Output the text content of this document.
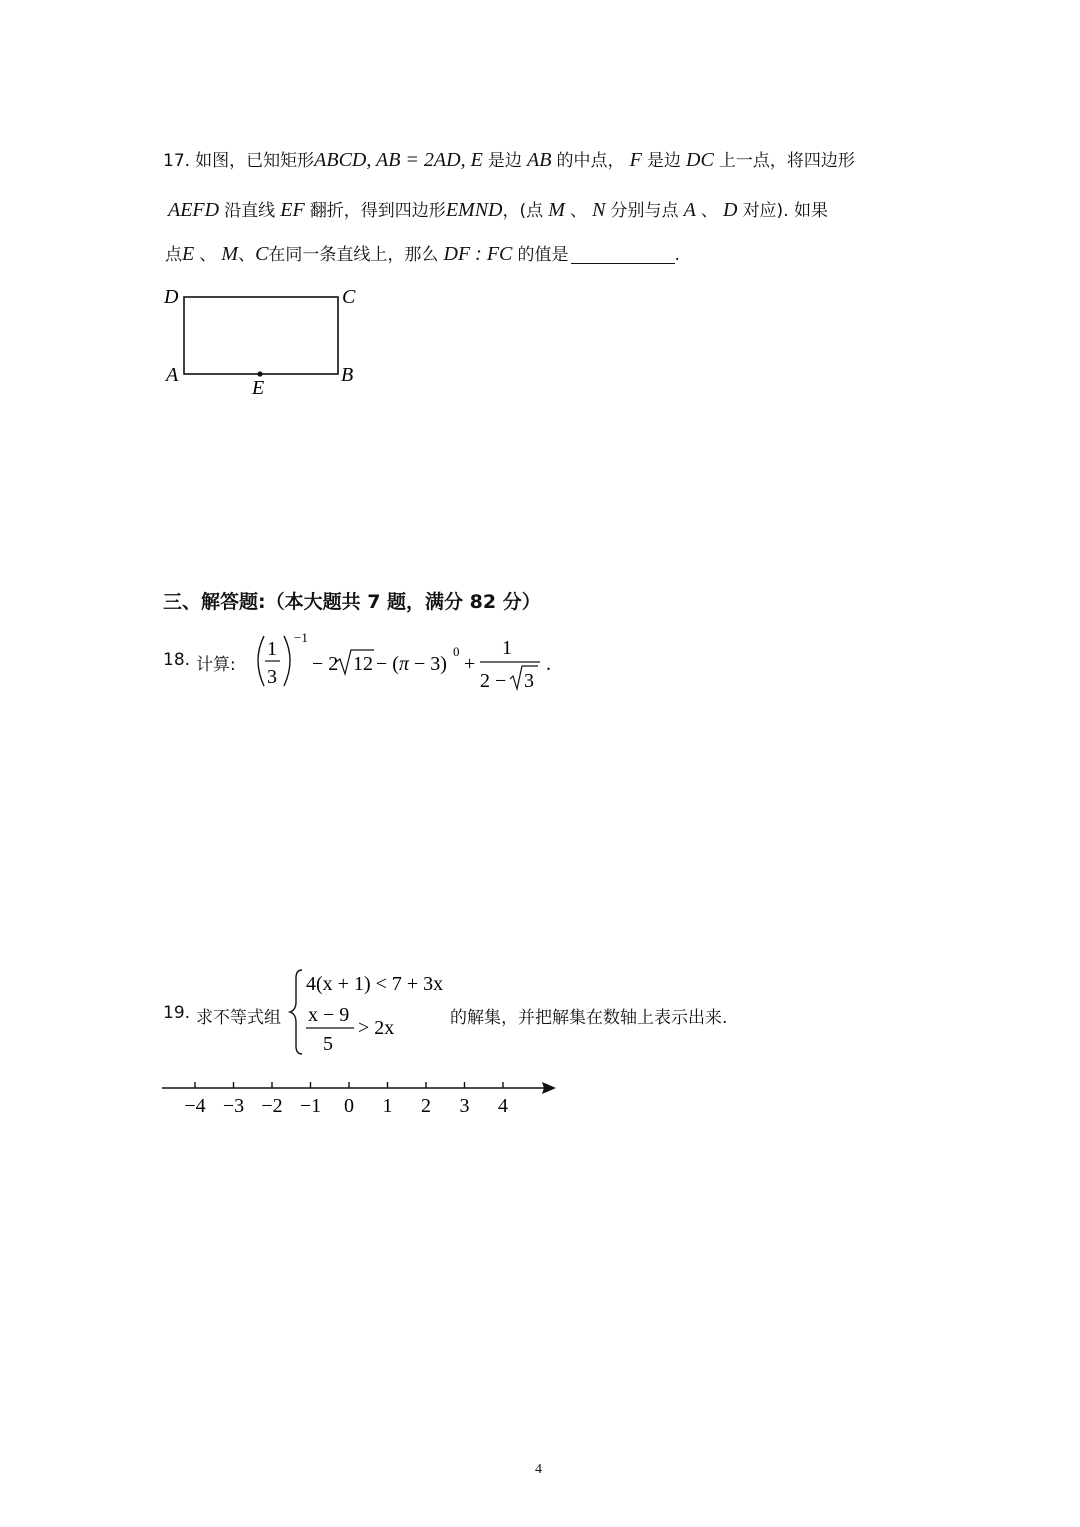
17. 如图，已知矩形ABCD, AB = 2AD, E 是边 AB 的中点， F 是边 DC 上一点，将四边形
AEFD 沿直线 EF 翻折，得到四边形EMND，(点 M 、 N 分别与点 A 、 D 对应). 如果
点E 、 M、C在同一条直线上，那么 DF : FC 的值是	.
D	C
A	B
E
三、解答题:（本大题共 7 题，满分 82 分）
18. 计算:
1
3
−1
− 2 12 − (π − 3)
0
+
1
2 − 3
.
19. 求不等式组
4(x + 1) < 7 + 3x
x − 9
5
> 2x	的解集，并把解集在数轴上表示出来.
−4 −3 −2 −1 0 1 2 3 4
4
